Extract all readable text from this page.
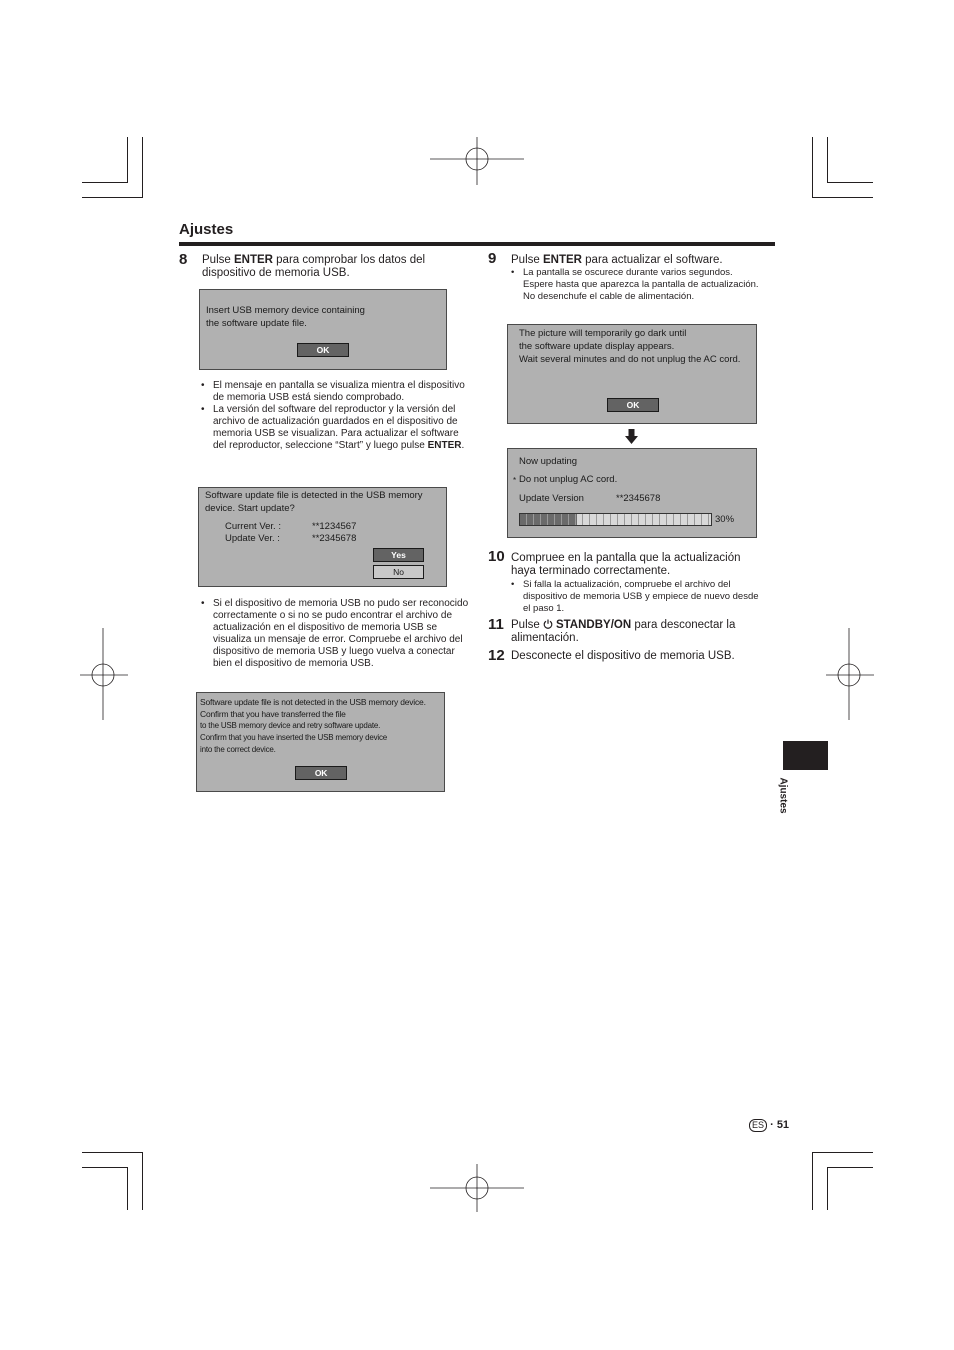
Ajustes
8 Pulse ENTER para comprobar los datos del dispositivo de memoria USB.
Insert USB memory device containing
the software update file.
OK
• El mensaje en pantalla se visualiza mientra el dispositivo de memoria USB está siendo comprobado.
• La versión del software del reproductor y la versión del archivo de actualización guardados en el dispositivo de memoria USB se visualizan. Para actualizar el software del reproductor, seleccione “Start” y luego pulse ENTER.
Software update file is detected in the USB memory
device. Start update?
Current Ver. :	**1234567
Update Ver. :	**2345678
Yes
No
• Si el dispositivo de memoria USB no pudo ser reconocido correctamente o si no se pudo encontrar el archivo de actualización en el dispositivo de memoria USB se visualiza un mensaje de error. Compruebe el archivo del dispositivo de memoria USB y luego vuelva a conectar bien el dispositivo de memoria USB.
Software update file is not detected in the USB memory device.
Confirm that you have transferred the file
to the USB memory device and retry software update.
Confirm that you have inserted the USB memory device
into the correct device.
OK
9 Pulse ENTER para actualizar el software.
• La pantalla se oscurece durante varios segundos. Espere hasta que aparezca la pantalla de actualización. No desenchufe el cable de alimentación.
The picture will temporarily go dark until
the software update display appears.
Wait several minutes and do not unplug the AC cord.
OK
Now updating
* Do not unplug AC cord.
Update Version	**2345678
30%
10 Compruee en la pantalla que la actualización haya terminado correctamente.
• Si falla la actualización, compruebe el archivo del dispositivo de memoria USB y empiece de nuevo desde el paso 1.
11 Pulse STANDBY/ON para desconectar la alimentación.
12 Desconecte el dispositivo de memoria USB.
Ajustes
ES · 51
